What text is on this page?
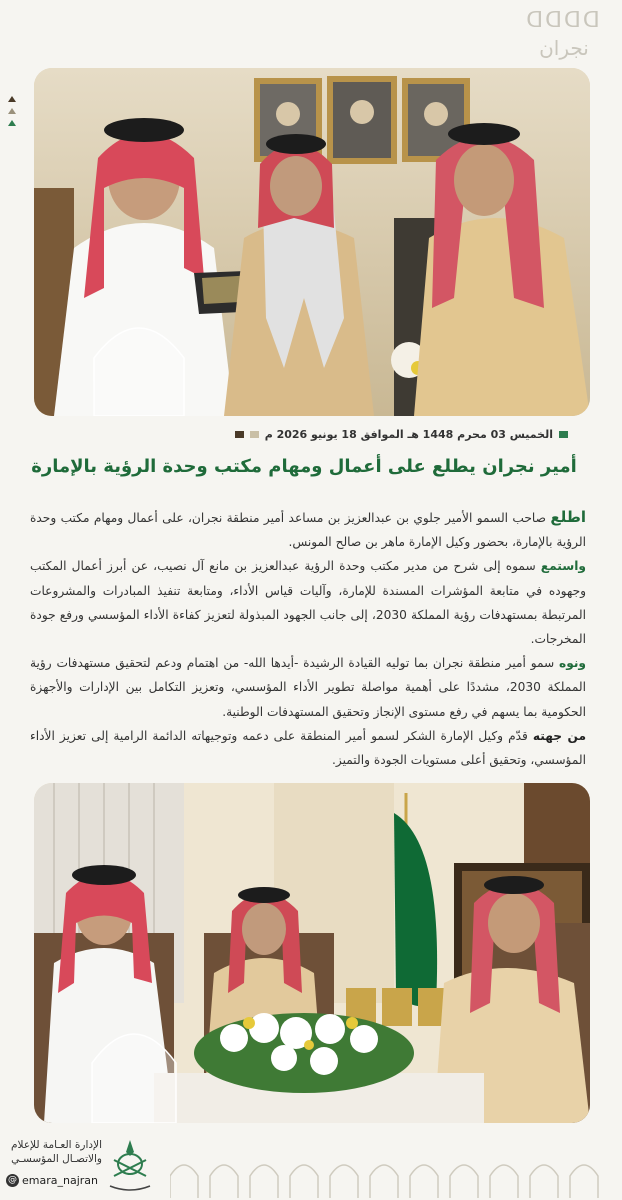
ᗡᗡᗡᗡ
نجران
الخميس 03 محرم 1448 هـ الموافق 18 يونيو 2026 م
أمير نجران يطلع على أعمال ومهام مكتب وحدة الرؤية بالإمارة

اطلع صاحب السمو الأمير جلوي بن عبدالعزيز بن مساعد أمير منطقة نجران، على أعمال ومهام مكتب وحدة الرؤية بالإمارة، بحضور وكيل الإمارة ماهر بن صالح المونس.

واستمع سموه إلى شرح من مدير مكتب وحدة الرؤية عبدالعزيز بن مانع آل نصيب، عن أبرز أعمال المكتب وجهوده في متابعة المؤشرات المسندة للإمارة، وآليات قياس الأداء، ومتابعة تنفيذ المبادرات والمشروعات المرتبطة بمستهدفات رؤية المملكة 2030، إلى جانب الجهود المبذولة لتعزيز كفاءة الأداء المؤسسي ورفع جودة المخرجات.

ونوه سمو أمير منطقة نجران بما توليه القيادة الرشيدة -أيدها الله- من اهتمام ودعم لتحقيق مستهدفات رؤية المملكة 2030، مشددًا على أهمية مواصلة تطوير الأداء المؤسسي، وتعزيز التكامل بين الإدارات والأجهزة الحكومية بما يسهم في رفع مستوى الإنجاز وتحقيق المستهدفات الوطنية.

من جهته قدّم وكيل الإمارة الشكر لسمو أمير المنطقة على دعمه وتوجيهاته الدائمة الرامية إلى تعزيز الأداء المؤسسي، وتحقيق أعلى مستويات الجودة والتميز.

الإدارة العـامة للإعلام
والاتصـال المؤسسـي
@ emara_najran
